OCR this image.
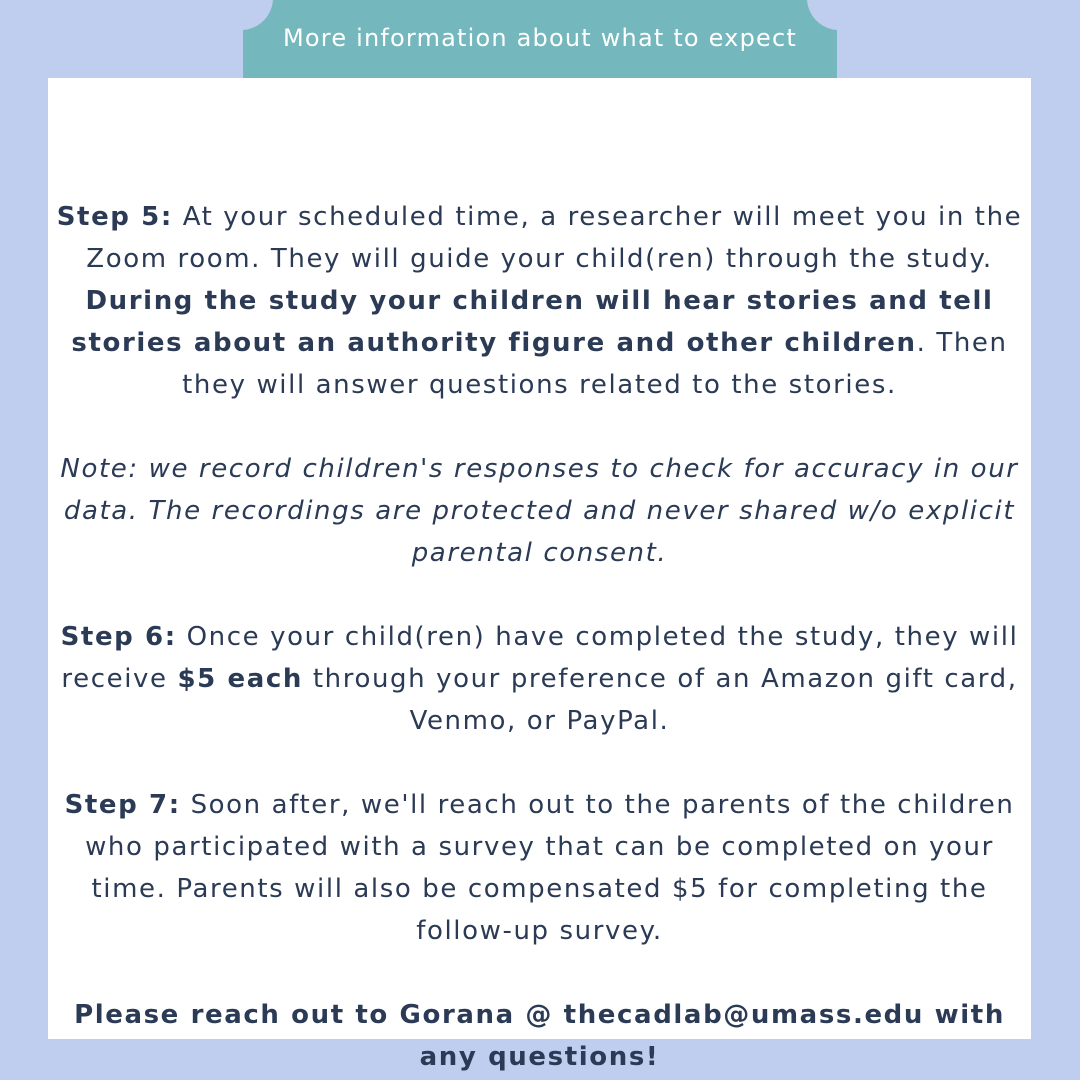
More information about what to expect

Step 5: At your scheduled time, a researcher will meet you in the Zoom room. They will guide your child(ren) through the study. During the study your children will hear stories and tell stories about an authority figure and other children. Then they will answer questions related to the stories.

Note: we record children's responses to check for accuracy in our data. The recordings are protected and never shared w/o explicit parental consent.

Step 6: Once your child(ren) have completed the study, they will receive $5 each through your preference of an Amazon gift card, Venmo, or PayPal.

Step 7: Soon after, we'll reach out to the parents of the children who participated with a survey that can be completed on your time. Parents will also be compensated $5 for completing the follow-up survey.

Please reach out to Gorana @ thecadlab@umass.edu with any questions!
